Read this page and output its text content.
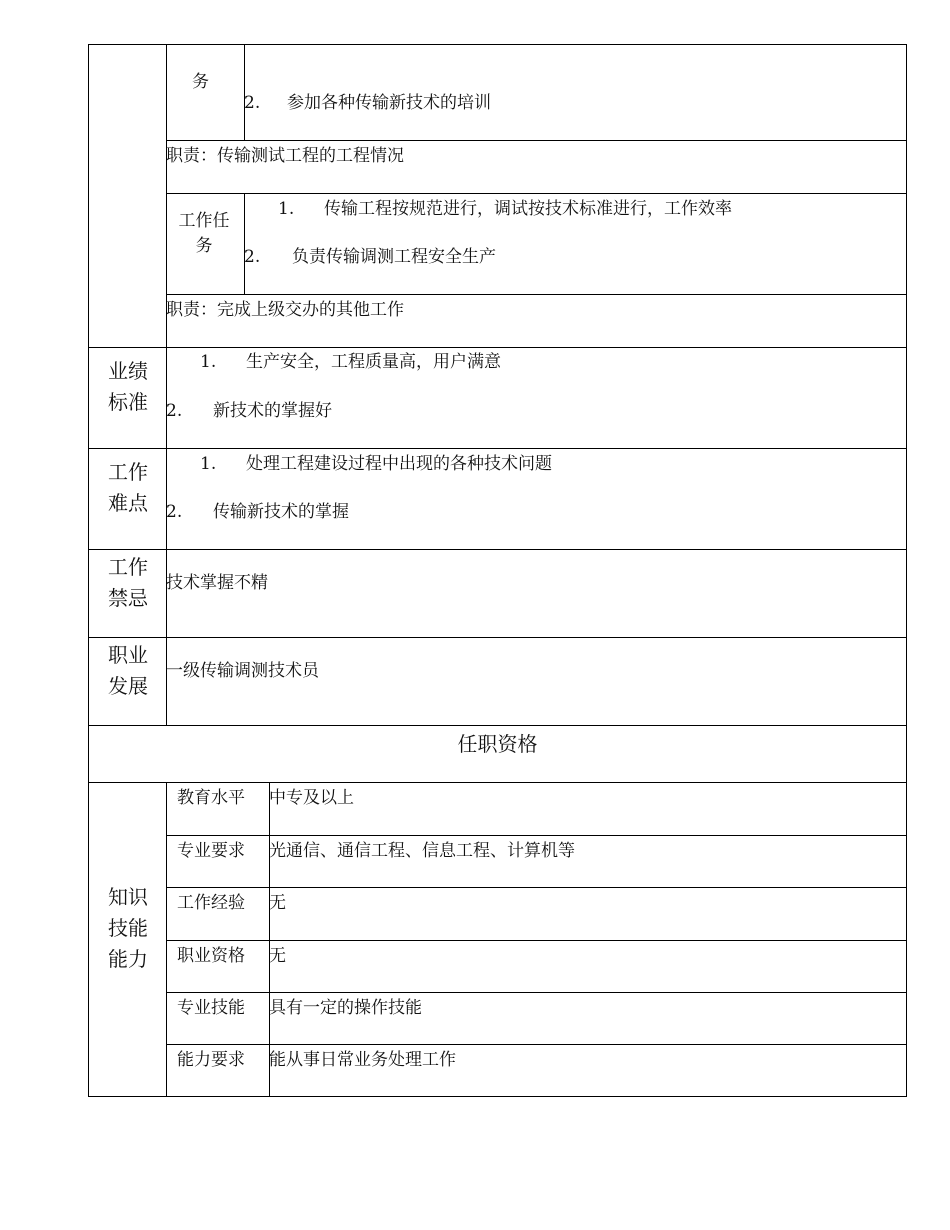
务
2. 参加各种传输新技术的培训
职责：传输测试工程的工程情况
工作任务
1. 传输工程按规范进行，调试按技术标准进行，工作效率
2. 负责传输调测工程安全生产
职责：完成上级交办的其他工作
业绩标准
1. 生产安全，工程质量高，用户满意
2. 新技术的掌握好
工作难点
1. 处理工程建设过程中出现的各种技术问题
2. 传输新技术的掌握
工作禁忌
技术掌握不精
职业发展
一级传输调测技术员
任职资格
知识技能能力
教育水平 中专及以上
专业要求 光通信、通信工程、信息工程、计算机等
工作经验 无
职业资格 无
专业技能 具有一定的操作技能
能力要求 能从事日常业务处理工作
